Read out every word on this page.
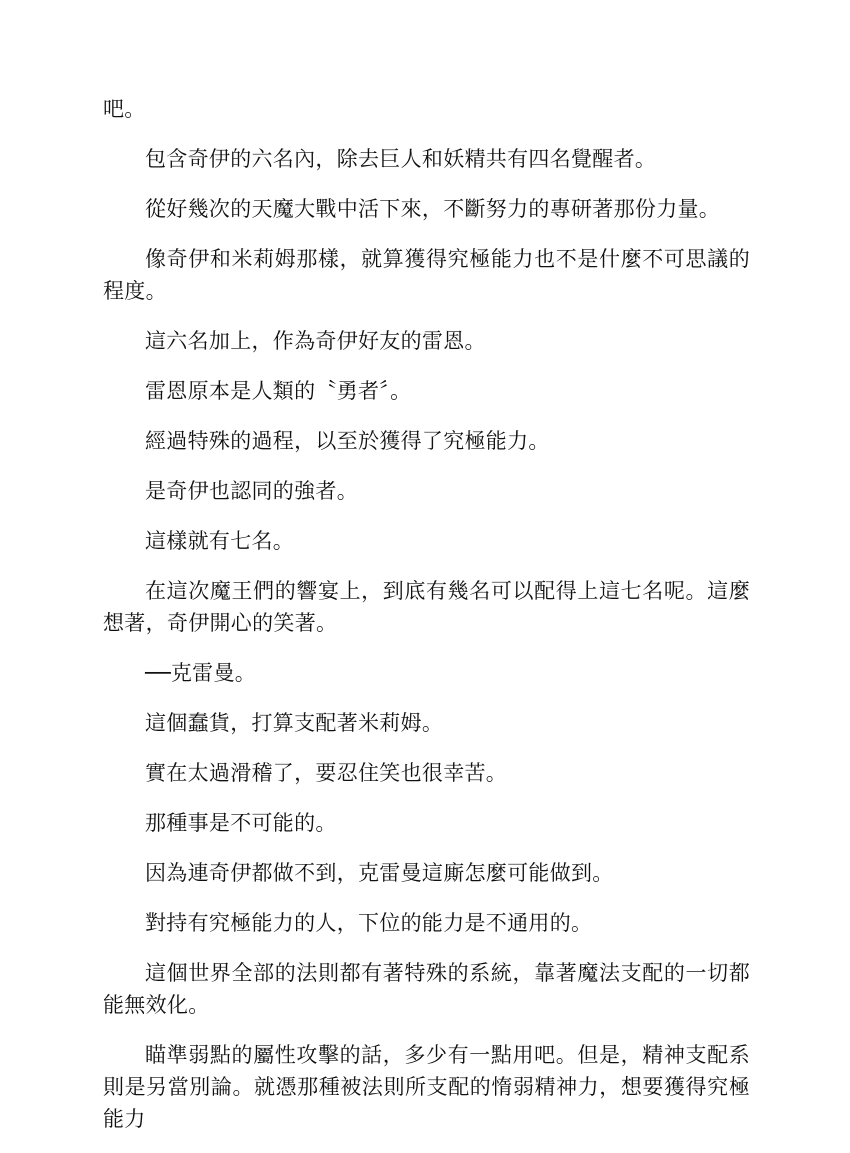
吧。

包含奇伊的六名內，除去巨人和妖精共有四名覺醒者。

從好幾次的天魔大戰中活下來，不斷努力的專研著那份力量。

像奇伊和米莉姆那樣，就算獲得究極能力也不是什麼不可思議的程度。

這六名加上，作為奇伊好友的雷恩。

雷恩原本是人類的〝勇者〞。

經過特殊的過程，以至於獲得了究極能力。

是奇伊也認同的強者。

這樣就有七名。

在這次魔王們的響宴上，到底有幾名可以配得上這七名呢。這麼想著，奇伊開心的笑著。

──克雷曼。

這個蠢貨，打算支配著米莉姆。

實在太過滑稽了，要忍住笑也很幸苦。

那種事是不可能的。

因為連奇伊都做不到，克雷曼這廝怎麼可能做到。

對持有究極能力的人，下位的能力是不通用的。

這個世界全部的法則都有著特殊的系統，靠著魔法支配的一切都能無效化。

瞄準弱點的屬性攻擊的話，多少有一點用吧。但是，精神支配系則是另當別論。就憑那種被法則所支配的惰弱精神力，想要獲得究極能力
